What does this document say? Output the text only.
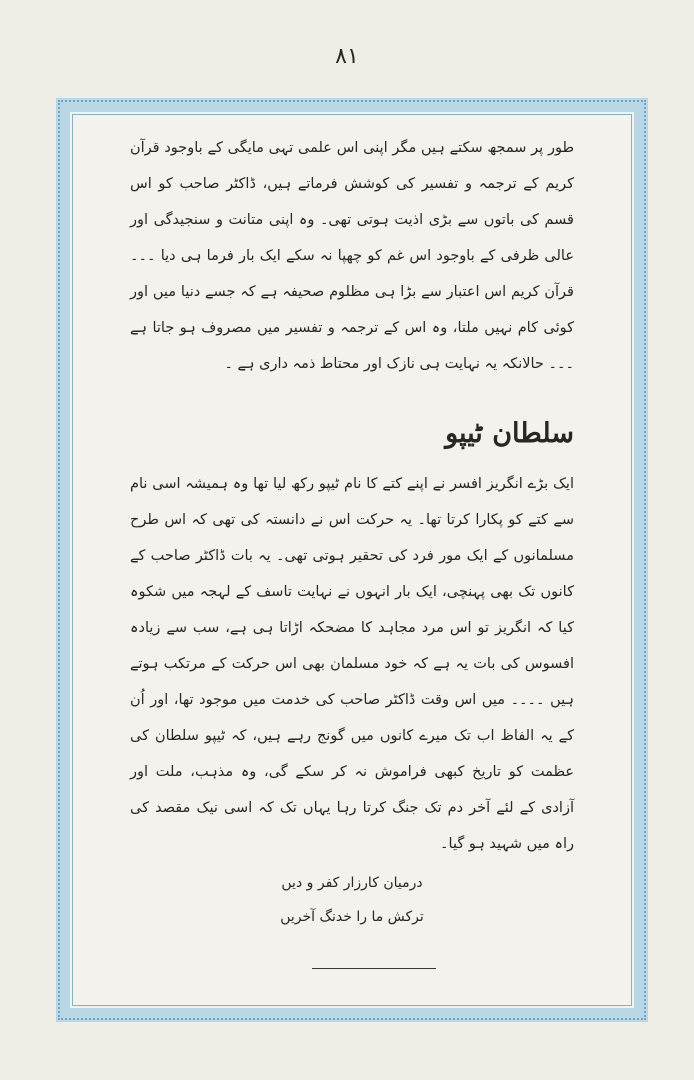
۸۱

طور پر سمجھ سکتے ہیں مگر اپنی اس علمی تہی مایگی کے باوجود قرآن کریم کے ترجمہ و تفسیر کی کوشش فرماتے ہیں، ڈاکٹر صاحب کو اس قسم کی باتوں سے بڑی اذیت ہوتی تھی۔ وہ اپنی متانت و سنجیدگی اور عالی ظرفی کے باوجود اس غم کو چھپا نہ سکے ایک بار فرما ہی دیا ۔۔۔ قرآن کریم اس اعتبار سے بڑا ہی مظلوم صحیفہ ہے کہ جسے دنیا میں اور کوئی کام نہیں ملتا، وہ اس کے ترجمہ و تفسیر میں مصروف ہو جاتا ہے ۔۔۔ حالانکہ یہ نہایت ہی نازک اور محتاط ذمہ داری ہے ۔

سلطان ٹیپو

ایک بڑے انگریز افسر نے اپنے کتے کا نام ٹیپو رکھ لیا تھا وہ ہمیشہ اسی نام سے کتے کو پکارا کرتا تھا۔ یہ حرکت اس نے دانستہ کی تھی کہ اس طرح مسلمانوں کے ایک مور فرد کی تحقیر ہوتی تھی۔ یہ بات ڈاکٹر صاحب کے کانوں تک بھی پہنچی، ایک بار انہوں نے نہایت تاسف کے لہجہ میں شکوہ کیا کہ انگریز تو اس مرد مجاہد کا مضحکہ اڑاتا ہی ہے، سب سے زیادہ افسوس کی بات یہ ہے کہ خود مسلمان بھی اس حرکت کے مرتکب ہوتے ہیں ۔۔۔۔ میں اس وقت ڈاکٹر صاحب کی خدمت میں موجود تھا، اور اُن کے یہ الفاظ اب تک میرے کانوں میں گونج رہے ہیں، کہ ٹیپو سلطان کی عظمت کو تاریخ کبھی فراموش نہ کر سکے گی، وہ مذہب، ملت اور آزادی کے لئے آخر دم تک جنگ کرتا رہا یہاں تک کہ اسی نیک مقصد کی راہ میں شہید ہو گیا۔

درمیان کارزار کفر و دیں
ترکش ما را خدنگ آخریں
